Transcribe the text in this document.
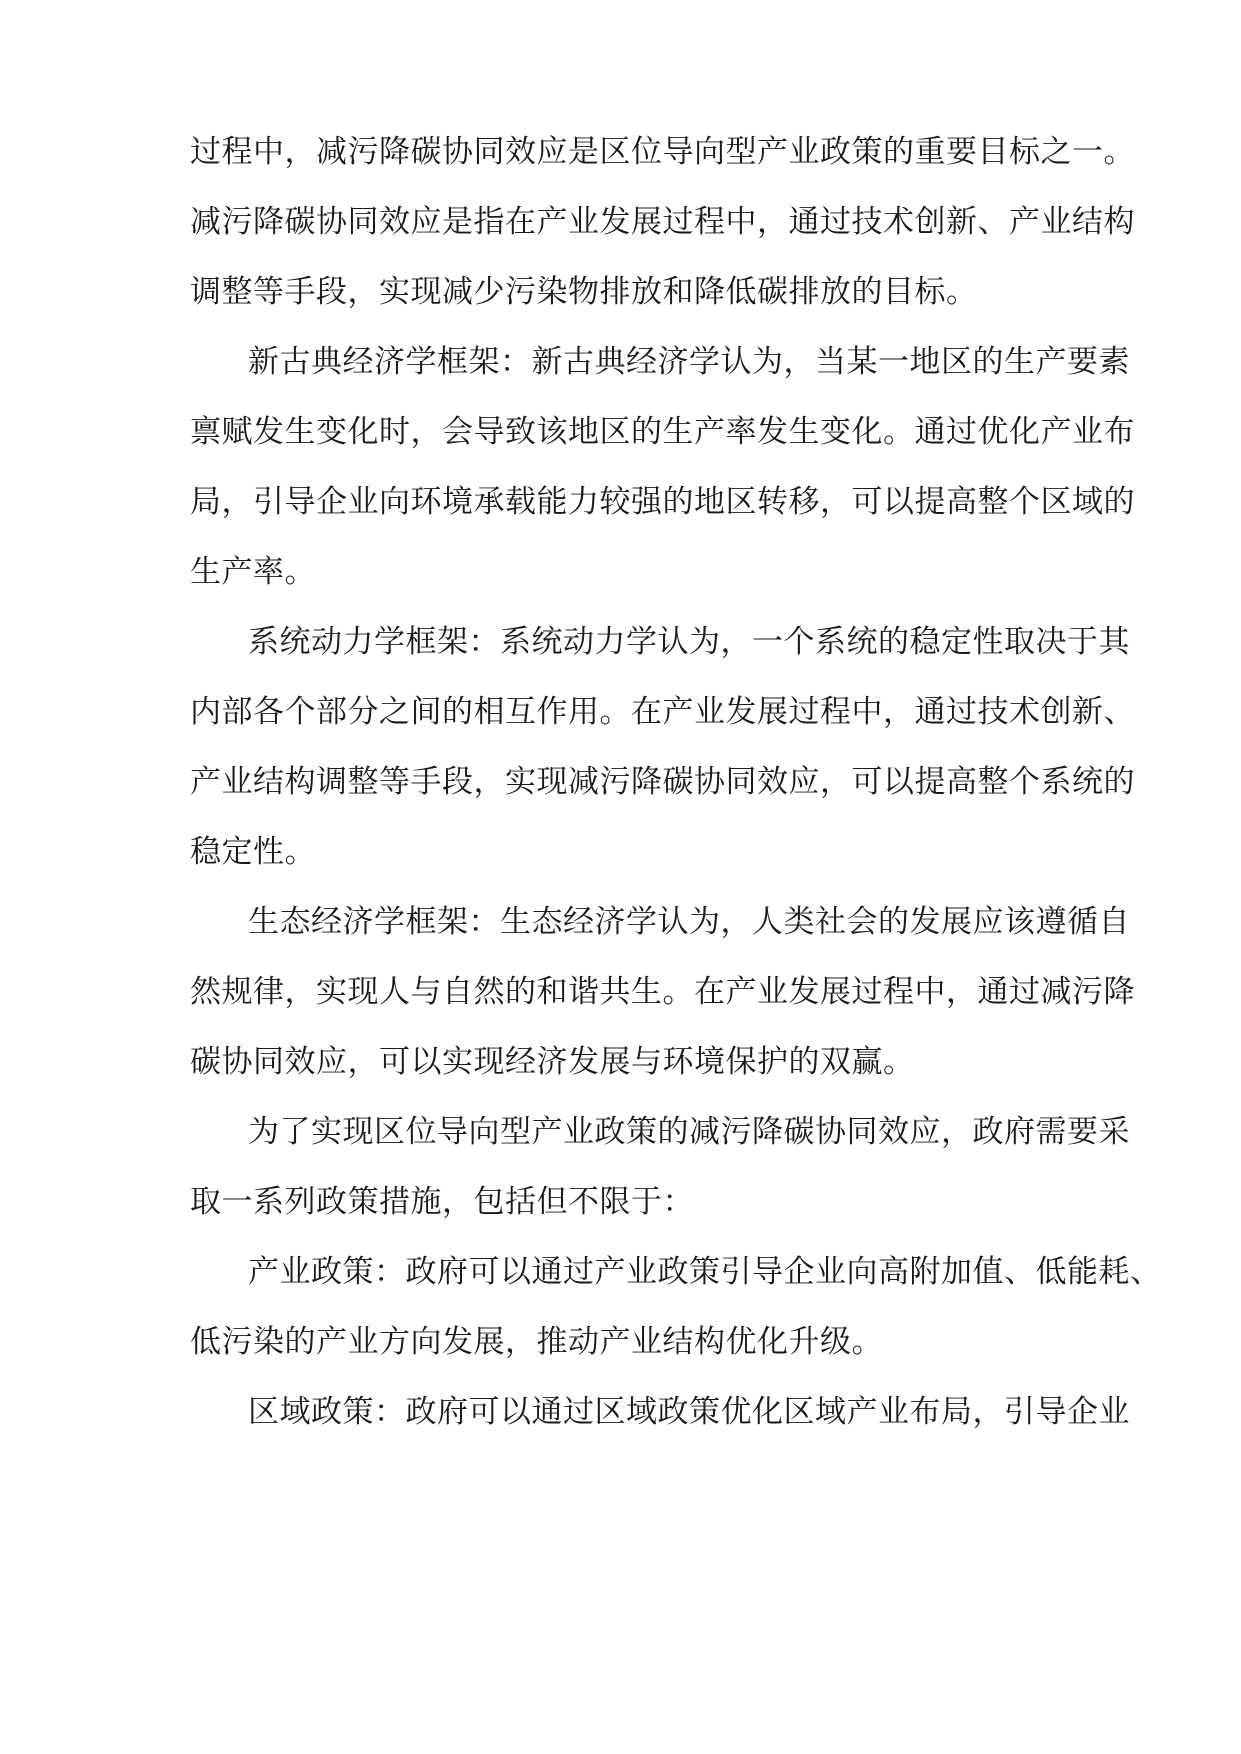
过程中，减污降碳协同效应是区位导向型产业政策的重要目标之一。
减污降碳协同效应是指在产业发展过程中，通过技术创新、产业结构
调整等手段，实现减少污染物排放和降低碳排放的目标。
新古典经济学框架：新古典经济学认为，当某一地区的生产要素
禀赋发生变化时，会导致该地区的生产率发生变化。通过优化产业布
局，引导企业向环境承载能力较强的地区转移，可以提高整个区域的
生产率。
系统动力学框架：系统动力学认为，一个系统的稳定性取决于其
内部各个部分之间的相互作用。在产业发展过程中，通过技术创新、
产业结构调整等手段，实现减污降碳协同效应，可以提高整个系统的
稳定性。
生态经济学框架：生态经济学认为，人类社会的发展应该遵循自
然规律，实现人与自然的和谐共生。在产业发展过程中，通过减污降
碳协同效应，可以实现经济发展与环境保护的双赢。
为了实现区位导向型产业政策的减污降碳协同效应，政府需要采
取一系列政策措施，包括但不限于：
产业政策：政府可以通过产业政策引导企业向高附加值、低能耗、
低污染的产业方向发展，推动产业结构优化升级。
区域政策：政府可以通过区域政策优化区域产业布局，引导企业
